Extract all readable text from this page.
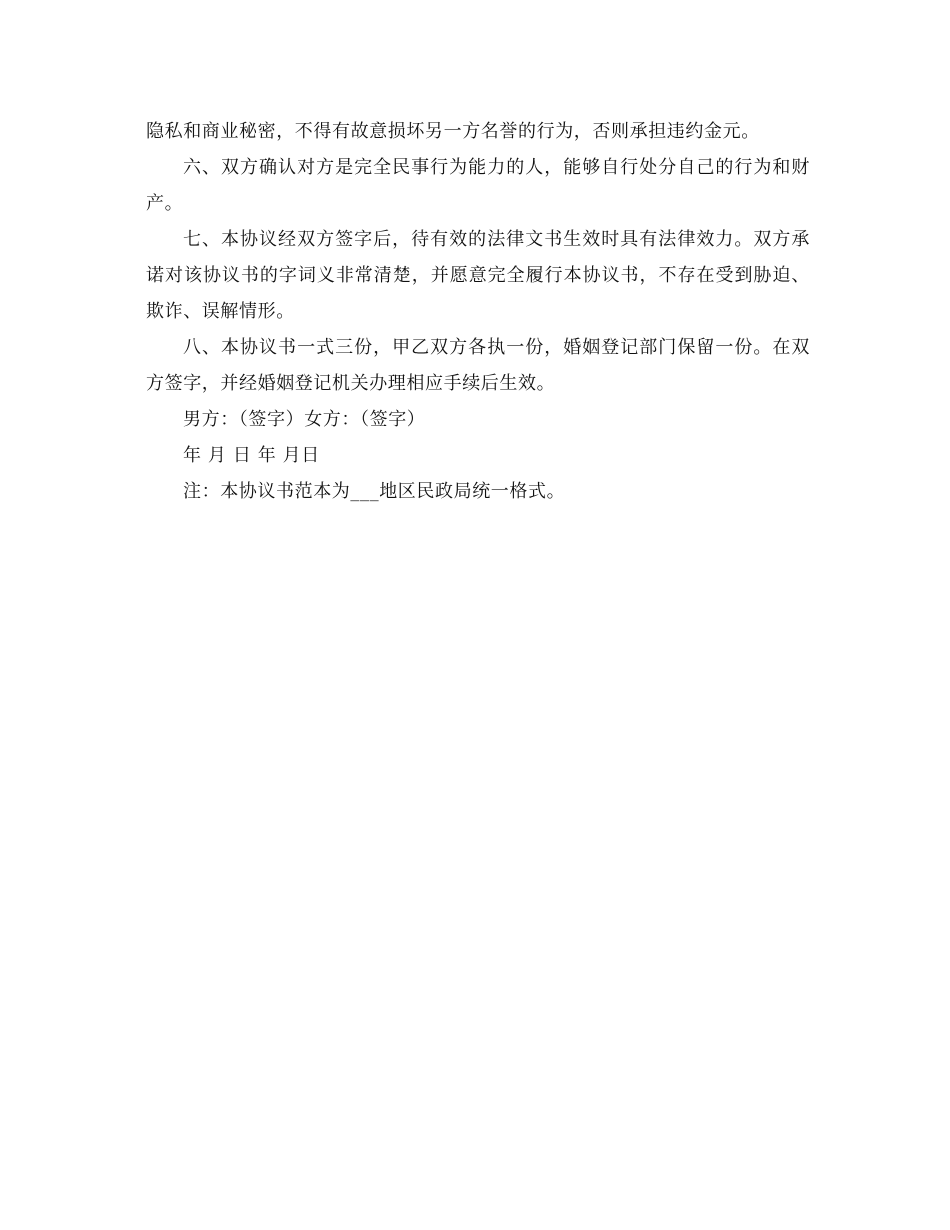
隐私和商业秘密，不得有故意损坏另一方名誉的行为，否则承担违约金元。

六、双方确认对方是完全民事行为能力的人，能够自行处分自己的行为和财产。

七、本协议经双方签字后，待有效的法律文书生效时具有法律效力。双方承诺对该协议书的字词义非常清楚，并愿意完全履行本协议书，不存在受到胁迫、欺诈、误解情形。

八、本协议书一式三份，甲乙双方各执一份，婚姻登记部门保留一份。在双方签字，并经婚姻登记机关办理相应手续后生效。

男方：（签字）女方：（签字）

年 月 日 年 月日

注：本协议书范本为___地区民政局统一格式。
